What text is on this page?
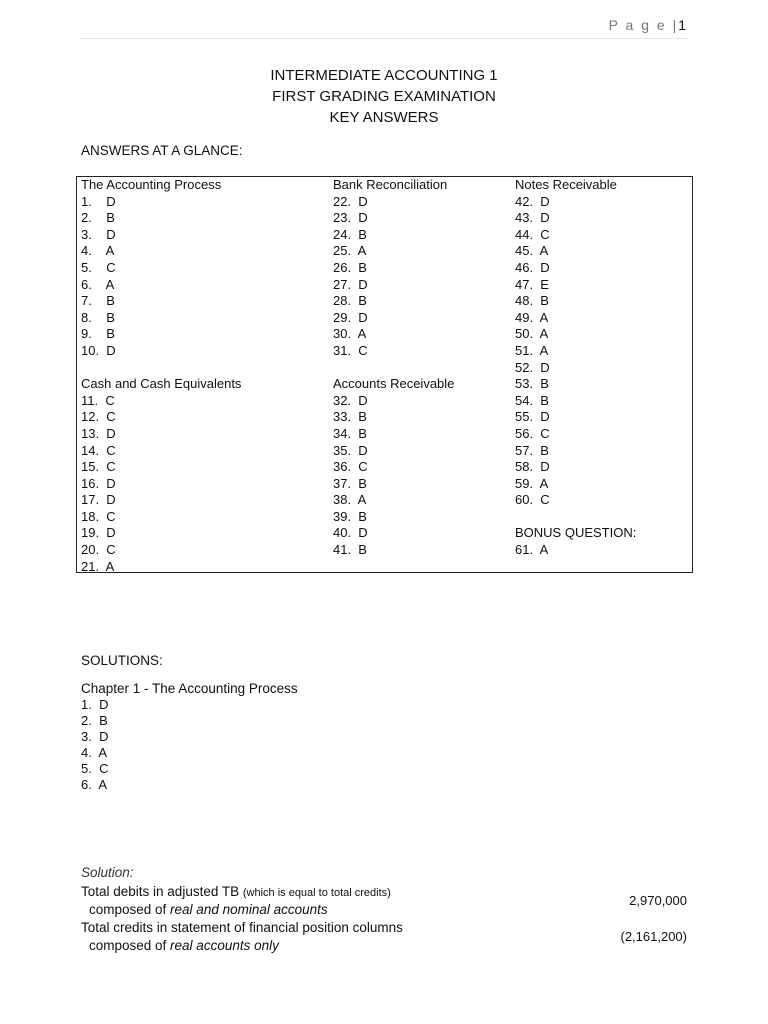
P a g e |1
INTERMEDIATE ACCOUNTING 1
FIRST GRADING EXAMINATION
KEY ANSWERS
ANSWERS AT A GLANCE:
The Accounting Process
1.    D
2.    B
3.    D
4.    A
5.    C
6.    A
7.    B
8.    B
9.    B
10.  D
Cash and Cash Equivalents
11.  C
12.  C
13.  D
14.  C
15.  C
16.  D
17.  D
18.  C
19.  D
20.  C
21.  A
Bank Reconciliation
22.  D
23.  D
24.  B
25.  A
26.  B
27.  D
28.  B
29.  D
30.  A
31.  C
Accounts Receivable
32.  D
33.  B
34.  B
35.  D
36.  C
37.  B
38.  A
39.  B
40.  D
41.  B
Notes Receivable
42.  D
43.  D
44.  C
45.  A
46.  D
47.  E
48.  B
49.  A
50.  A
51.  A
52.  D
53.  B
54.  B
55.  D
56.  C
57.  B
58.  D
59.  A
60.  C
BONUS QUESTION:
61.  A
SOLUTIONS:
Chapter 1 - The Accounting Process
1.  D
2.  B
3.  D
4.  A
5.  C
6.  A
Solution:
Total debits in adjusted TB (which is equal to total credits)
composed of real and nominal accounts
2,970,000
Total credits in statement of financial position columns
composed of real accounts only
(2,161,200)
